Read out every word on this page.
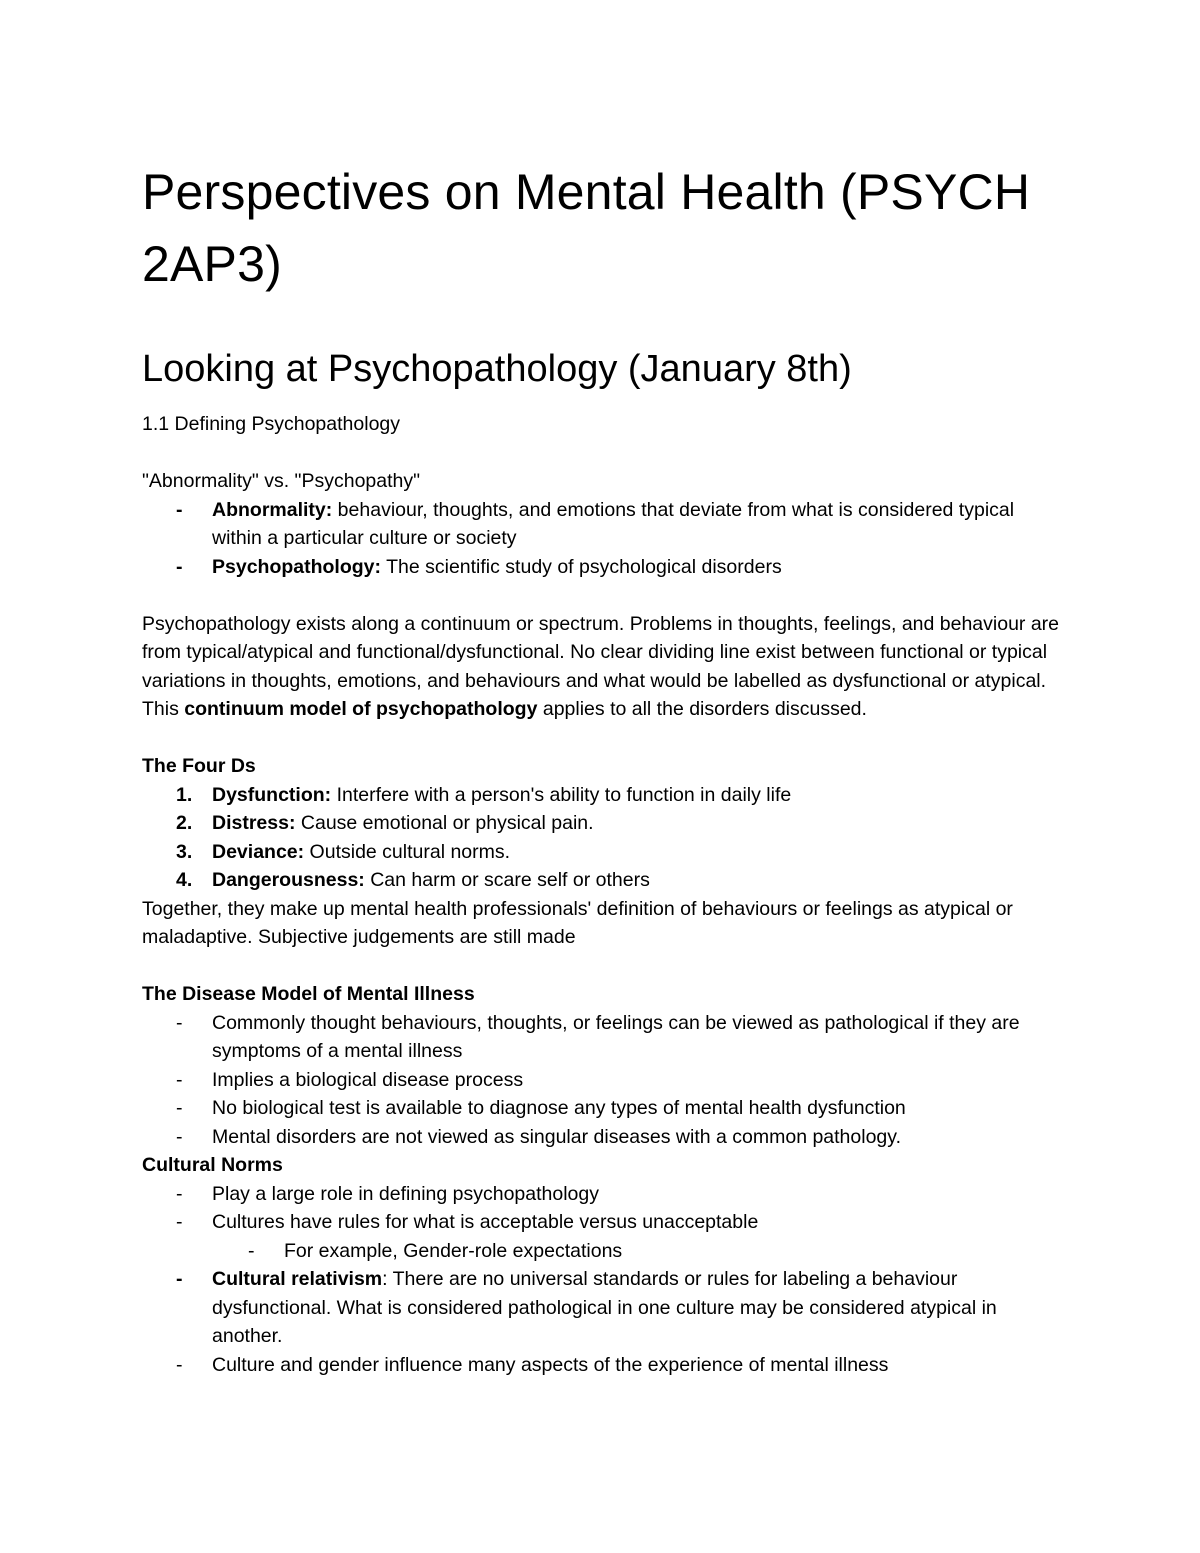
Perspectives on Mental Health (PSYCH 2AP3)
Looking at Psychopathology (January 8th)

1.1 Defining Psychopathology

"Abnormality" vs. "Psychopathy"

- Abnormality: behaviour, thoughts, and emotions that deviate from what is considered typical within a particular culture or society
- Psychopathology: The scientific study of psychological disorders

Psychopathology exists along a continuum or spectrum. Problems in thoughts, feelings, and behaviour are from typical/atypical and functional/dysfunctional. No clear dividing line exist between functional or typical variations in thoughts, emotions, and behaviours and what would be labelled as dysfunctional or atypical. This continuum model of psychopathology applies to all the disorders discussed.

The Four Ds

1. Dysfunction: Interfere with a person's ability to function in daily life
2. Distress: Cause emotional or physical pain.
3. Deviance: Outside cultural norms.
4. Dangerousness: Can harm or scare self or others

Together, they make up mental health professionals' definition of behaviours or feelings as atypical or maladaptive. Subjective judgements are still made

The Disease Model of Mental Illness

- Commonly thought behaviours, thoughts, or feelings can be viewed as pathological if they are symptoms of a mental illness
- Implies a biological disease process
- No biological test is available to diagnose any types of mental health dysfunction
- Mental disorders are not viewed as singular diseases with a common pathology.

Cultural Norms

- Play a large role in defining psychopathology
- Cultures have rules for what is acceptable versus unacceptable
- For example, Gender-role expectations
- Cultural relativism: There are no universal standards or rules for labeling a behaviour dysfunctional. What is considered pathological in one culture may be considered atypical in another.
- Culture and gender influence many aspects of the experience of mental illness
